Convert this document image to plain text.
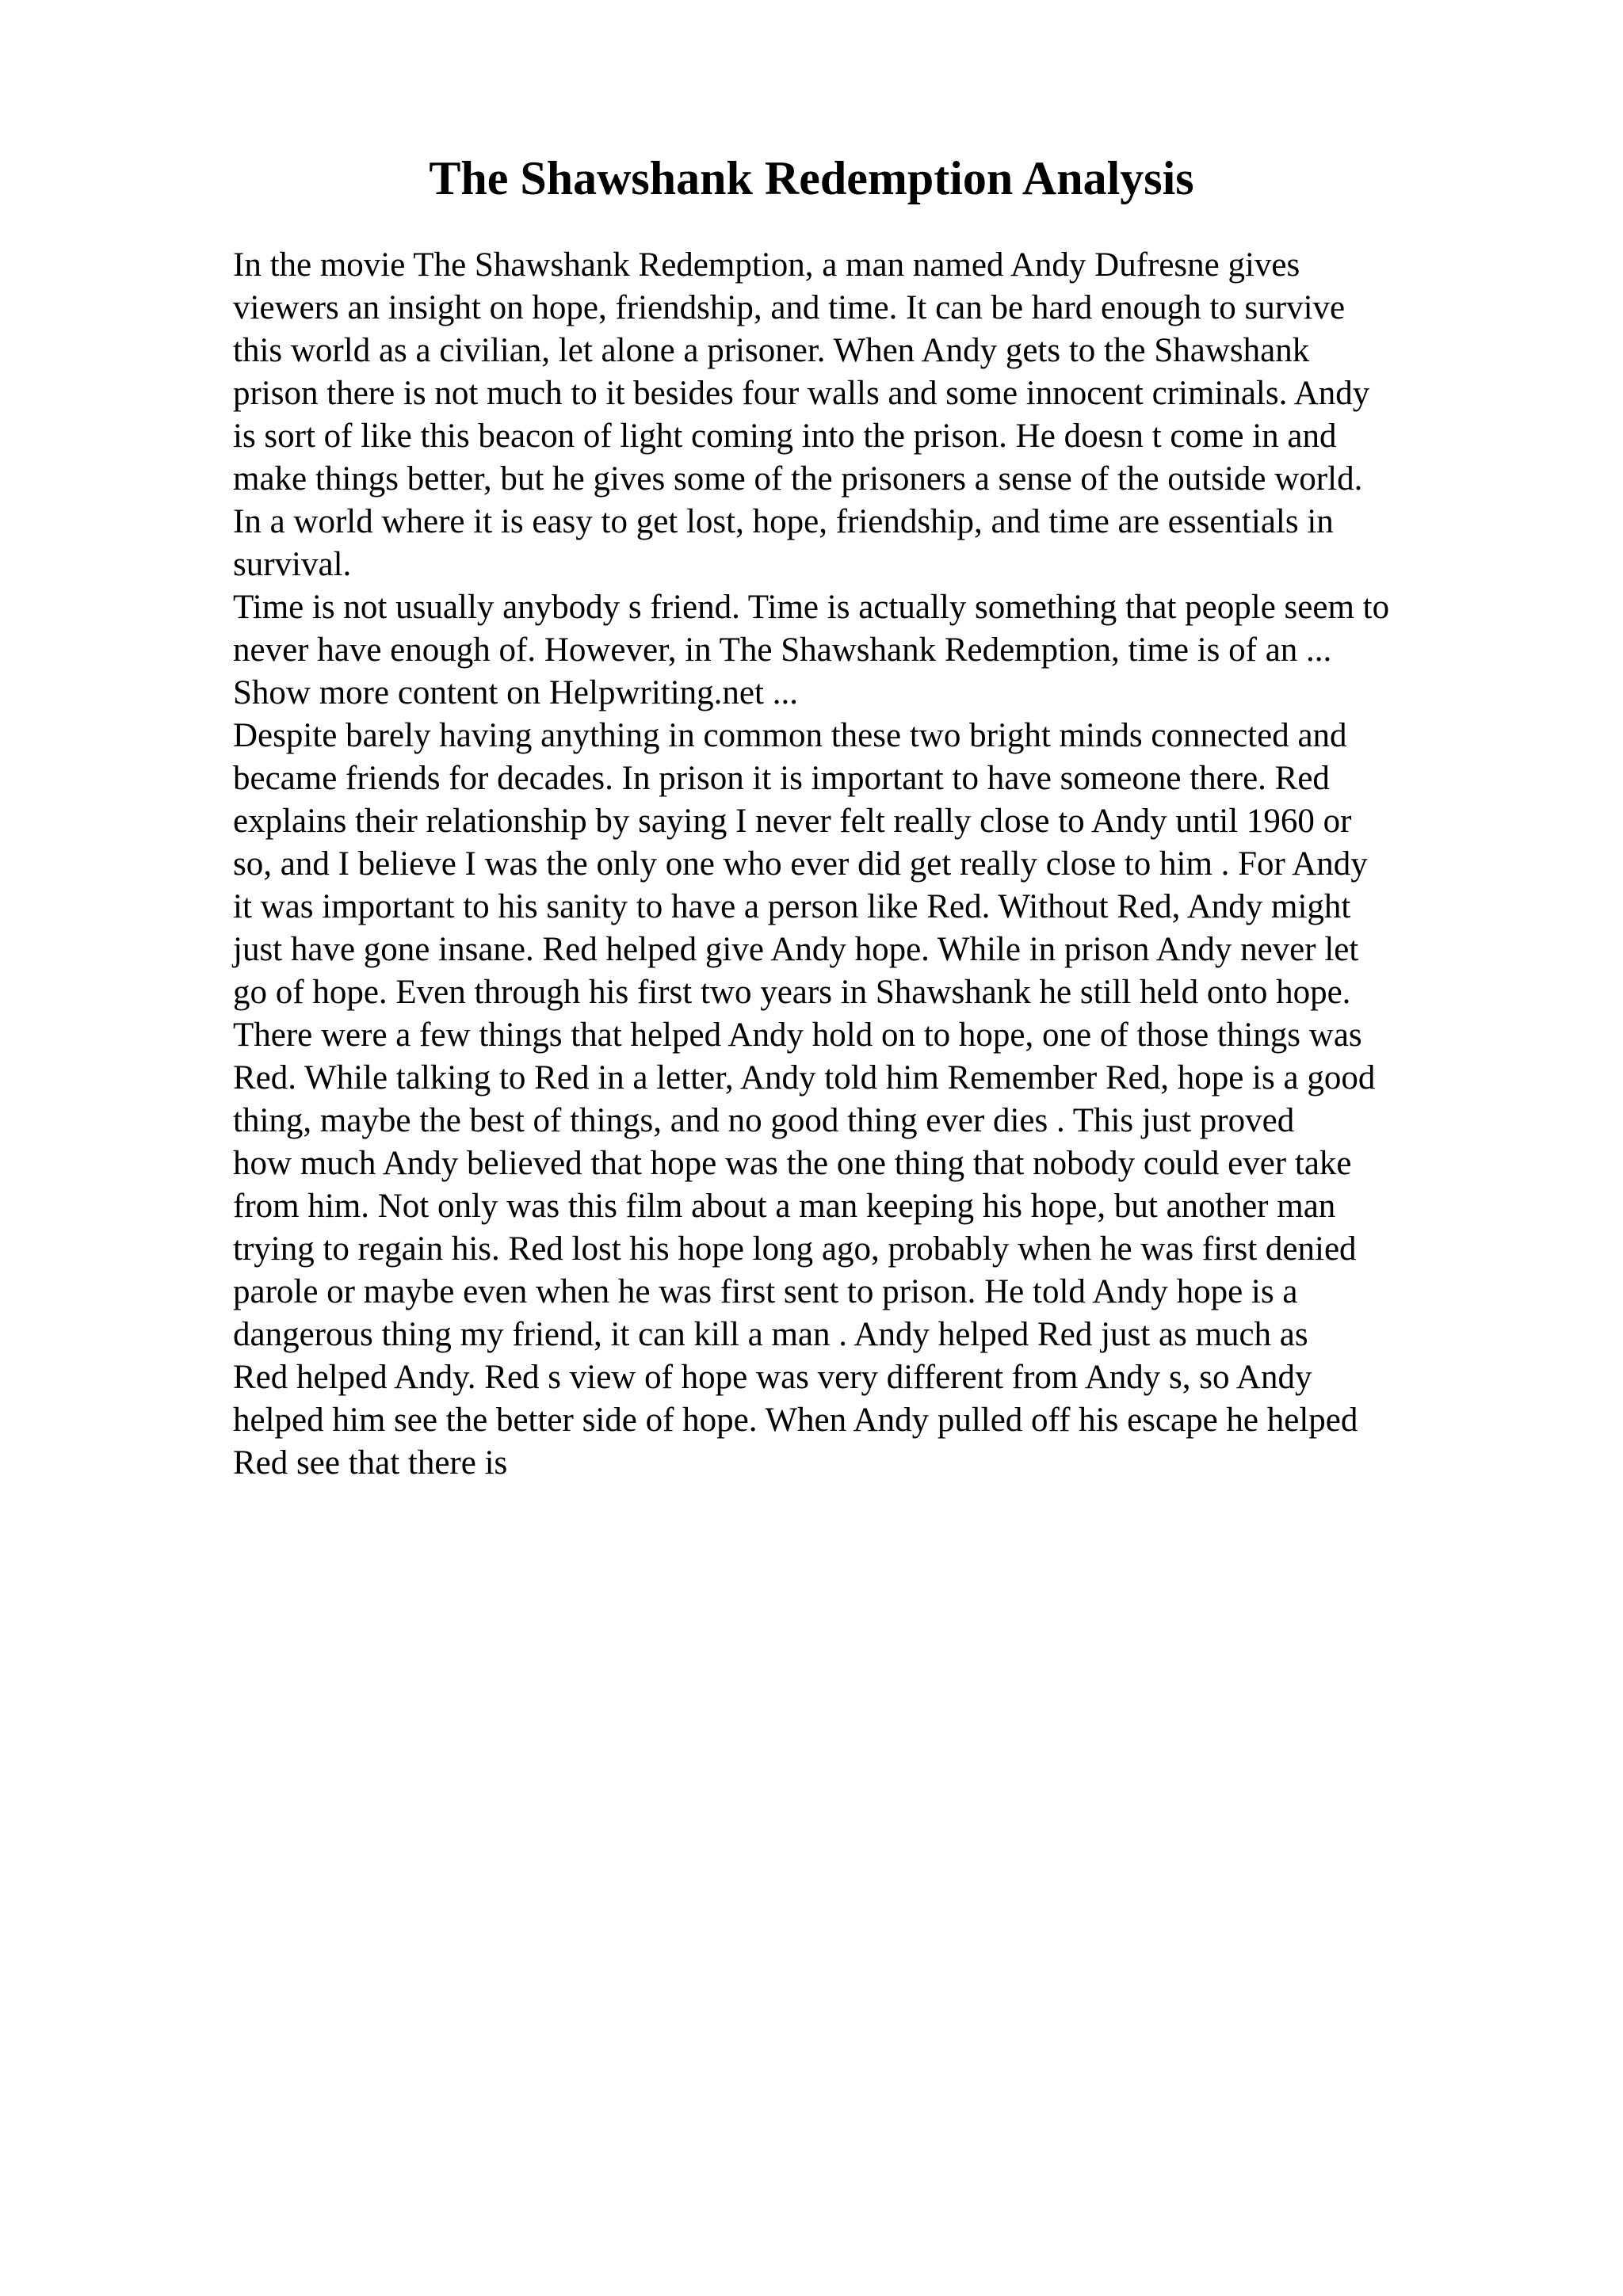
The Shawshank Redemption Analysis
In the movie The Shawshank Redemption, a man named Andy Dufresne gives
viewers an insight on hope, friendship, and time. It can be hard enough to survive
this world as a civilian, let alone a prisoner. When Andy gets to the Shawshank
prison there is not much to it besides four walls and some innocent criminals. Andy
is sort of like this beacon of light coming into the prison. He doesn t come in and
make things better, but he gives some of the prisoners a sense of the outside world.
In a world where it is easy to get lost, hope, friendship, and time are essentials in
survival.
Time is not usually anybody s friend. Time is actually something that people seem to
never have enough of. However, in The Shawshank Redemption, time is of an ...
Show more content on Helpwriting.net ...
Despite barely having anything in common these two bright minds connected and
became friends for decades. In prison it is important to have someone there. Red
explains their relationship by saying I never felt really close to Andy until 1960 or
so, and I believe I was the only one who ever did get really close to him . For Andy
it was important to his sanity to have a person like Red. Without Red, Andy might
just have gone insane. Red helped give Andy hope. While in prison Andy never let
go of hope. Even through his first two years in Shawshank he still held onto hope.
There were a few things that helped Andy hold on to hope, one of those things was
Red. While talking to Red in a letter, Andy told him Remember Red, hope is a good
thing, maybe the best of things, and no good thing ever dies . This just proved
how much Andy believed that hope was the one thing that nobody could ever take
from him. Not only was this film about a man keeping his hope, but another man
trying to regain his. Red lost his hope long ago, probably when he was first denied
parole or maybe even when he was first sent to prison. He told Andy hope is a
dangerous thing my friend, it can kill a man . Andy helped Red just as much as
Red helped Andy. Red s view of hope was very different from Andy s, so Andy
helped him see the better side of hope. When Andy pulled off his escape he helped
Red see that there is
